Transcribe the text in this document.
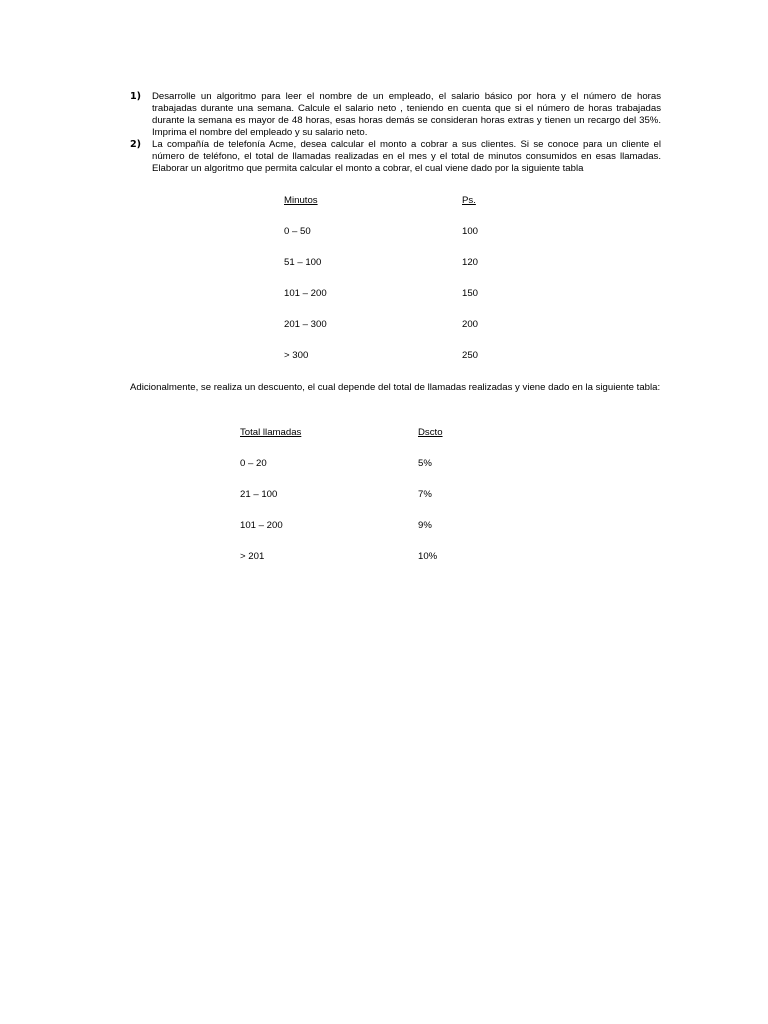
1)	Desarrolle un algoritmo para leer el nombre de un empleado, el salario básico por hora y el número de horas trabajadas durante una semana. Calcule el salario neto , teniendo en cuenta que si el número de horas trabajadas durante la semana es mayor de 48 horas, esas horas demás se consideran horas extras y tienen un recargo del 35%. Imprima el nombre del empleado y su salario neto.
2)	La compañía de telefonía Acme, desea calcular el monto a cobrar a sus clientes. Si se conoce para un cliente el número de teléfono, el total de llamadas realizadas en el mes y el total de minutos consumidos en esas llamadas. Elaborar un algoritmo que permita calcular el monto a cobrar, el cual viene dado por la siguiente tabla
Minutos	Ps.
0 – 50	100
51 – 100	120
101 – 200	150
201 – 300	200
> 300	250
Adicionalmente, se realiza un descuento, el cual depende del total de llamadas realizadas y viene dado en la siguiente tabla:
Total llamadas	Dscto
0 – 20	5%
21 – 100	7%
101 – 200	9%
> 201	10%
